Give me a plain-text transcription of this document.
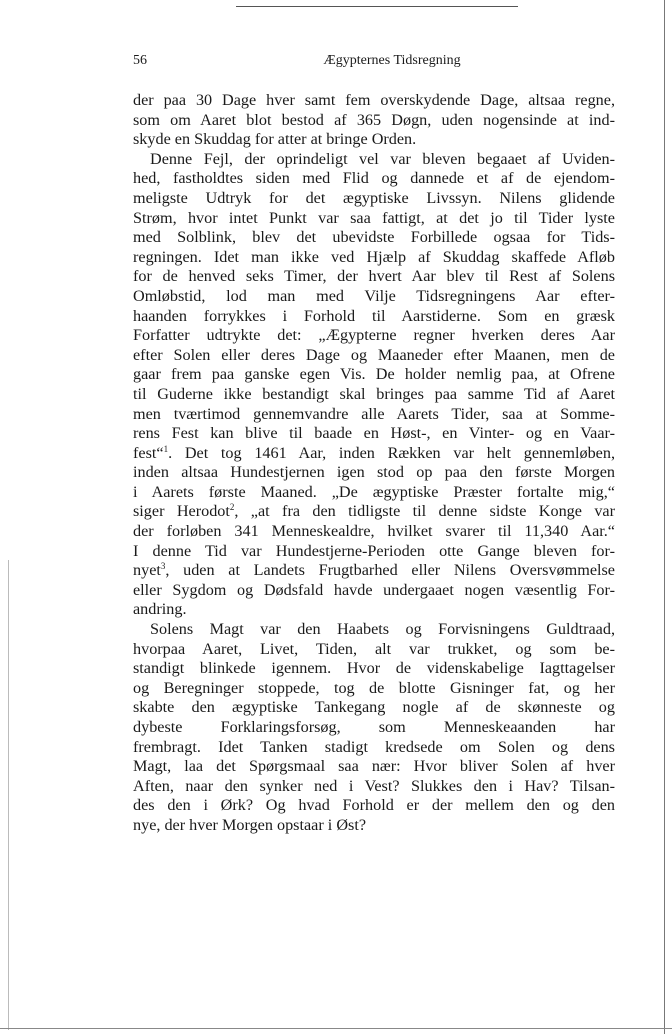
56	Ægypternes Tidsregning
der paa 30 Dage hver samt fem overskydende Dage, altsaa regne,
som om Aaret blot bestod af 365 Døgn, uden nogensinde at ind-
skyde en Skuddag for atter at bringe Orden.
Denne Fejl, der oprindeligt vel var bleven begaaet af Uviden-
hed, fastholdtes siden med Flid og dannede et af de ejendom-
meligste Udtryk for det ægyptiske Livssyn. Nilens glidende
Strøm, hvor intet Punkt var saa fattigt, at det jo til Tider lyste
med Solblink, blev det ubevidste Forbillede ogsaa for Tids-
regningen. Idet man ikke ved Hjælp af Skuddag skaffede Afløb
for de henved seks Timer, der hvert Aar blev til Rest af Solens
Omløbstid, lod man med Vilje Tidsregningens Aar efter-
haanden forrykkes i Forhold til Aarstiderne. Som en græsk
Forfatter udtrykte det: „Ægypterne regner hverken deres Aar
efter Solen eller deres Dage og Maaneder efter Maanen, men de
gaar frem paa ganske egen Vis. De holder nemlig paa, at Ofrene
til Guderne ikke bestandigt skal bringes paa samme Tid af Aaret
men tværtimod gennemvandre alle Aarets Tider, saa at Somme-
rens Fest kan blive til baade en Høst-, en Vinter- og en Vaar-
fest“$^1$. Det tog 1461 Aar, inden Rækken var helt gennemløben,
inden altsaa Hundestjernen igen stod op paa den første Morgen
i Aarets første Maaned. „De ægyptiske Præster fortalte mig,“
siger Herodot$^2$, „at fra den tidligste til denne sidste Konge var
der forløben 341 Menneskealdre, hvilket svarer til 11,340 Aar.“
I denne Tid var Hundestjerne-Perioden otte Gange bleven for-
nyet$^3$, uden at Landets Frugtbarhed eller Nilens Oversvømmelse
eller Sygdom og Dødsfald havde undergaaet nogen væsentlig For-
andring.
Solens Magt var den Haabets og Forvisningens Guldtraad,
hvorpaa Aaret, Livet, Tiden, alt var trukket, og som be-
standigt blinkede igennem. Hvor de videnskabelige Iagttagelser
og Beregninger stoppede, tog de blotte Gisninger fat, og her
skabte den ægyptiske Tankegang nogle af de skønneste og
dybeste Forklaringsforsøg, som Menneskeaanden har
frembragt. Idet Tanken stadigt kredsede om Solen og dens
Magt, laa det Spørgsmaal saa nær: Hvor bliver Solen af hver
Aften, naar den synker ned i Vest? Slukkes den i Hav? Tilsan-
des den i Ørk? Og hvad Forhold er der mellem den og den
nye, der hver Morgen opstaar i Øst?
